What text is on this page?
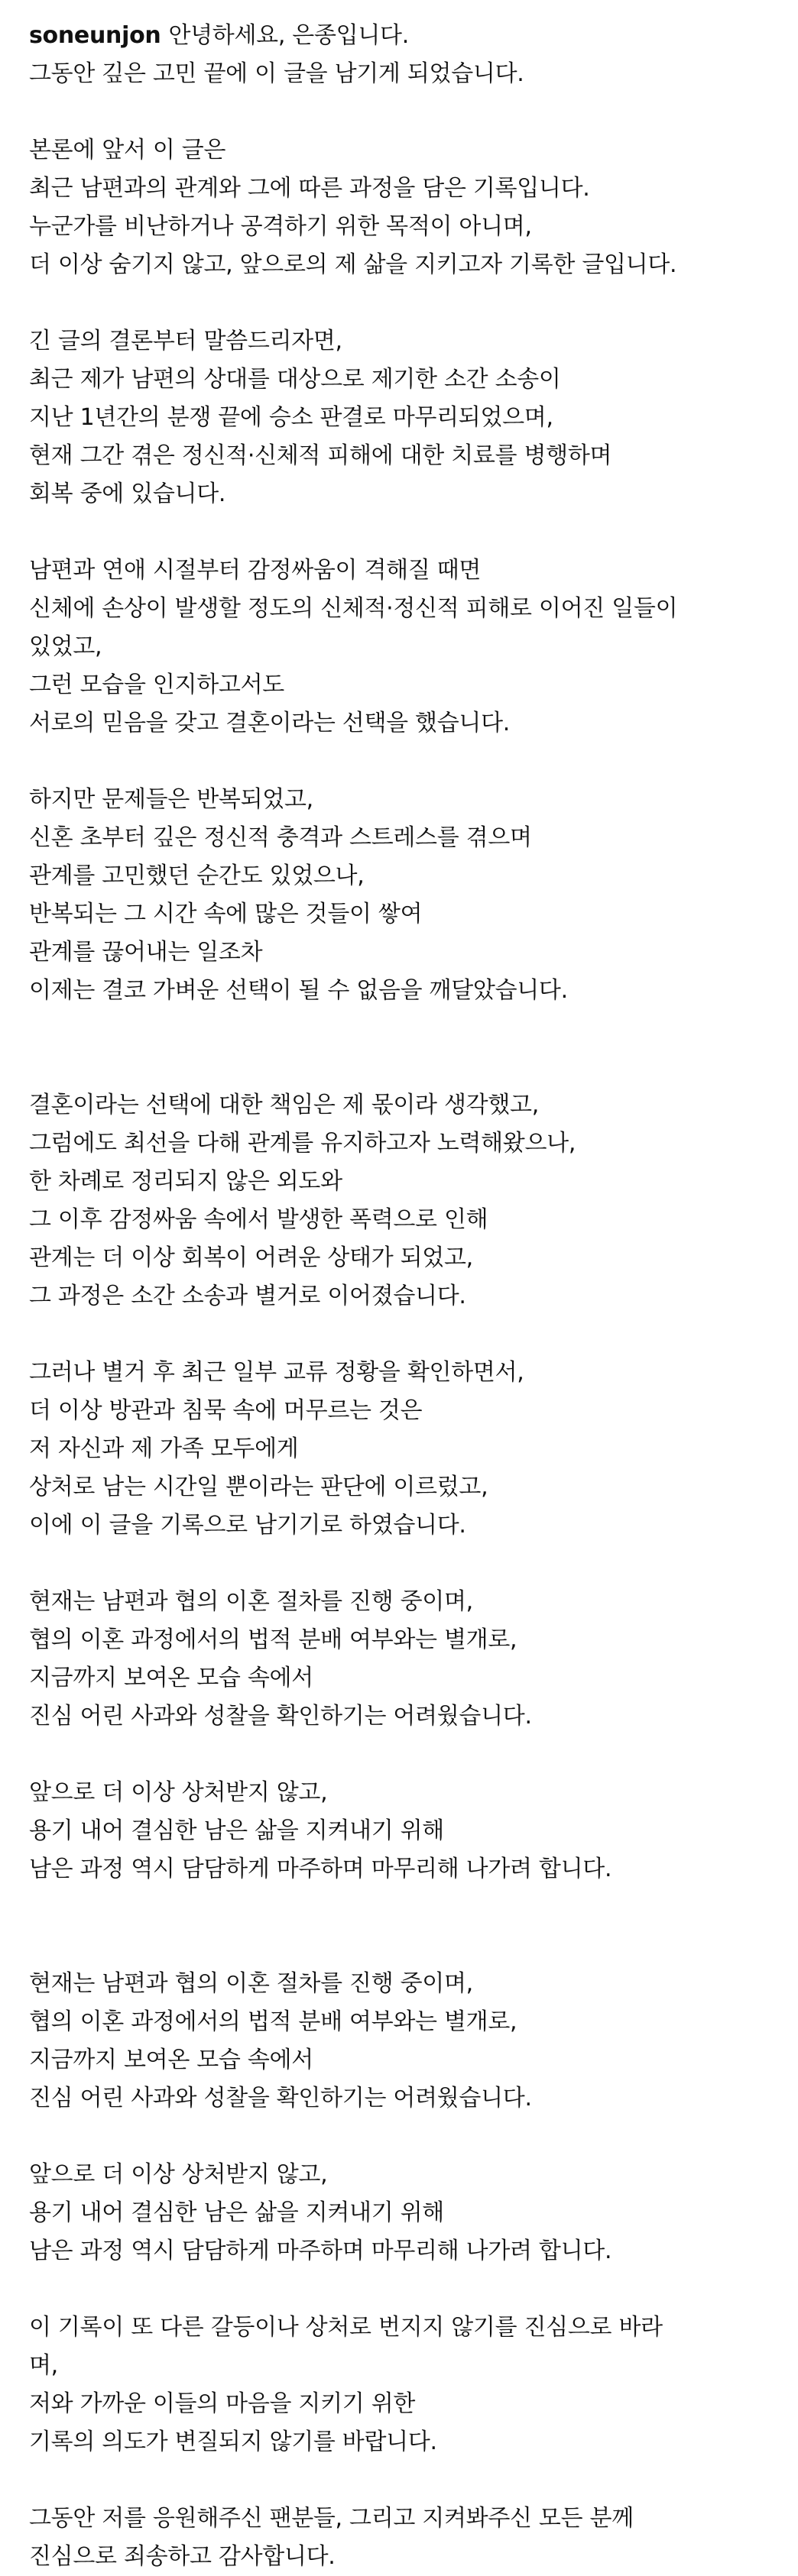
soneunjon 안녕하세요, 은종입니다.
그동안 깊은 고민 끝에 이 글을 남기게 되었습니다.
본론에 앞서 이 글은
최근 남편과의 관계와 그에 따른 과정을 담은 기록입니다.
누군가를 비난하거나 공격하기 위한 목적이 아니며,
더 이상 숨기지 않고, 앞으로의 제 삶을 지키고자 기록한 글입니다.
긴 글의 결론부터 말씀드리자면,
최근 제가 남편의 상대를 대상으로 제기한 소간 소송이
지난 1년간의 분쟁 끝에 승소 판결로 마무리되었으며,
현재 그간 겪은 정신적·신체적 피해에 대한 치료를 병행하며
회복 중에 있습니다.
남편과 연애 시절부터 감정싸움이 격해질 때면
신체에 손상이 발생할 정도의 신체적·정신적 피해로 이어진 일들이
있었고,
그런 모습을 인지하고서도
서로의 믿음을 갖고 결혼이라는 선택을 했습니다.
하지만 문제들은 반복되었고,
신혼 초부터 깊은 정신적 충격과 스트레스를 겪으며
관계를 고민했던 순간도 있었으나,
반복되는 그 시간 속에 많은 것들이 쌓여
관계를 끊어내는 일조차
이제는 결코 가벼운 선택이 될 수 없음을 깨달았습니다.
결혼이라는 선택에 대한 책임은 제 몫이라 생각했고,
그럼에도 최선을 다해 관계를 유지하고자 노력해왔으나,
한 차례로 정리되지 않은 외도와
그 이후 감정싸움 속에서 발생한 폭력으로 인해
관계는 더 이상 회복이 어려운 상태가 되었고,
그 과정은 소간 소송과 별거로 이어졌습니다.
그러나 별거 후 최근 일부 교류 정황을 확인하면서,
더 이상 방관과 침묵 속에 머무르는 것은
저 자신과 제 가족 모두에게
상처로 남는 시간일 뿐이라는 판단에 이르렀고,
이에 이 글을 기록으로 남기기로 하였습니다.
현재는 남편과 협의 이혼 절차를 진행 중이며,
협의 이혼 과정에서의 법적 분배 여부와는 별개로,
지금까지 보여온 모습 속에서
진심 어린 사과와 성찰을 확인하기는 어려웠습니다.
앞으로 더 이상 상처받지 않고,
용기 내어 결심한 남은 삶을 지켜내기 위해
남은 과정 역시 담담하게 마주하며 마무리해 나가려 합니다.
현재는 남편과 협의 이혼 절차를 진행 중이며,
협의 이혼 과정에서의 법적 분배 여부와는 별개로,
지금까지 보여온 모습 속에서
진심 어린 사과와 성찰을 확인하기는 어려웠습니다.
앞으로 더 이상 상처받지 않고,
용기 내어 결심한 남은 삶을 지켜내기 위해
남은 과정 역시 담담하게 마주하며 마무리해 나가려 합니다.
이 기록이 또 다른 갈등이나 상처로 번지지 않기를 진심으로 바라
며,
저와 가까운 이들의 마음을 지키기 위한
기록의 의도가 변질되지 않기를 바랍니다.
그동안 저를 응원해주신 팬분들, 그리고 지켜봐주신 모든 분께
진심으로 죄송하고 감사합니다.
